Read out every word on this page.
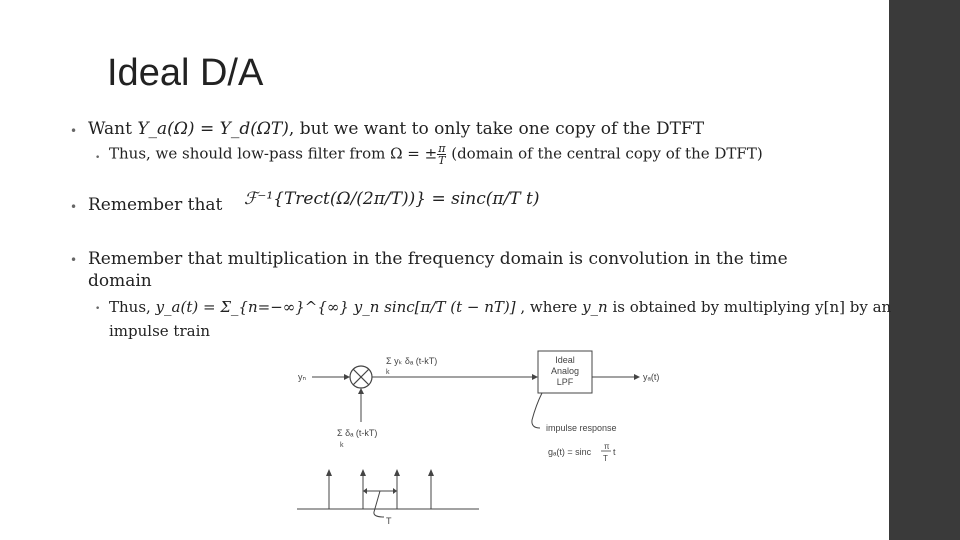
Ideal D/A
• Want Y_a(Ω) = Y_d(ΩT), but we want to only take one copy of the DTFT
• Thus, we should low-pass filter from Ω = ± $\frac{\pi}{T}$ (domain of the central copy of the DTFT)
• Remember that ℱ⁻¹{Trect(Ω/(2π/T))} = sinc(π/T t)
• Remember that multiplication in the frequency domain is convolution in the time
domain
• Thus, y_a(t) = Σ_{n=−∞}^{∞} y_n sinc[π/T (t − nT)] , where y_n is obtained by multiplying y[n] by an
impulse train
yₙ
Σ yₖ δₐ (t-kT)
k
Ideal
Analog
LPF	yₐ(t)
Σ δₐ (t-kT)
k
impulse response
gₐ(t) = sinc
π
T
t
T
